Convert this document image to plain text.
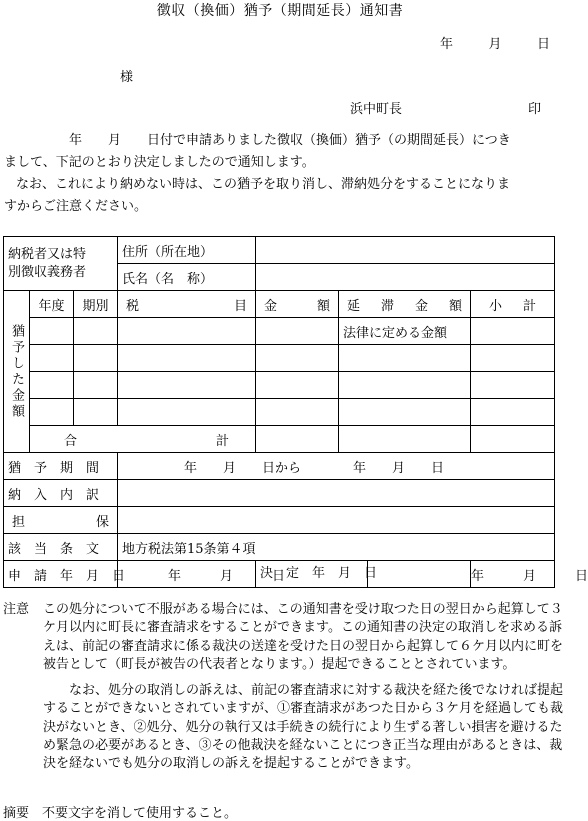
徴収（換価）猶予（期間延長）通知書
年	月	日
様
浜中町長	印

年　　月　　日付で申請ありました徴収（換価）猶予（の期間延長）につき

まして、下記のとおり決定しましたので通知します。

なお、これにより納めない時は、この猶予を取り消し、滞納処分をすることになりま

すからご注意ください。

納税者又は特
別徴収義務者			住所（所在地）			
			氏名（名　称）			
猶予した金額	年度	期別	税 目	金 額	延 滞 金 額	小 計

					法律に定める金額	

	合 計					

猶　予　期　間			年　　月　　日から　　　　年　　月　　日			
納　入　内　訳						

担 保						

該　当　条　文			地方税法第15条第４項			
申　請　年　月　日			年　　　月　　　日	決　定　年　月　日		年　　　月　　　日
注意	この処分について不服がある場合には、この通知書を受け取つた日の翌日から起算して３ケ月以内に町長に審査請求をすることができます。この通知書の決定の取消しを求める訴えは、前記の審査請求に係る裁決の送達を受けた日の翌日から起算して６ケ月以内に町を被告として（町長が被告の代表者となります。）提起できることとされています。

なお、処分の取消しの訴えは、前記の審査請求に対する裁決を経た後でなければ提起することができないとされていますが、①審査請求があつた日から３ケ月を経過しても裁決がないとき、②処分、処分の執行又は手続きの続行により生ずる著しい損害を避けるため緊急の必要があるとき、③その他裁決を経ないことにつき正当な理由があるときは、裁決を経ないでも処分の取消しの訴えを提起することができます。

摘要　不要文字を消して使用すること。
